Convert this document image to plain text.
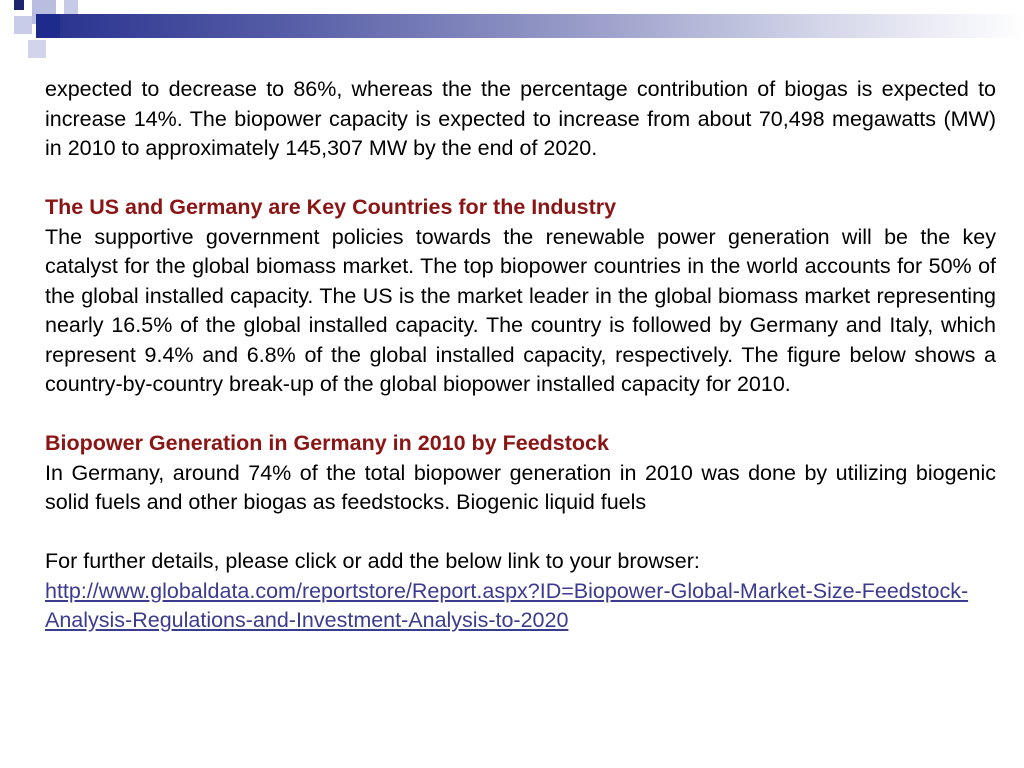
expected to decrease to 86%, whereas the the percentage contribution of biogas is expected to increase 14%. The biopower capacity is expected to increase from about 70,498 megawatts (MW) in 2010 to approximately 145,307 MW by the end of 2020.

The US and Germany are Key Countries for the Industry

The supportive government policies towards the renewable power generation will be the key catalyst for the global biomass market. The top biopower countries in the world accounts for 50% of the global installed capacity. The US is the market leader in the global biomass market representing nearly 16.5% of the global installed capacity. The country is followed by Germany and Italy, which represent 9.4% and 6.8% of the global installed capacity, respectively. The figure below shows a country-by-country break-up of the global biopower installed capacity for 2010.

Biopower Generation in Germany in 2010 by Feedstock

In Germany, around 74% of the total biopower generation in 2010 was done by utilizing biogenic solid fuels and other biogas as feedstocks. Biogenic liquid fuels

For further details, please click or add the below link to your browser:

http://www.globaldata.com/reportstore/Report.aspx?ID=Biopower-Global-Market-Size-Feedstock-Analysis-Regulations-and-Investment-Analysis-to-2020
